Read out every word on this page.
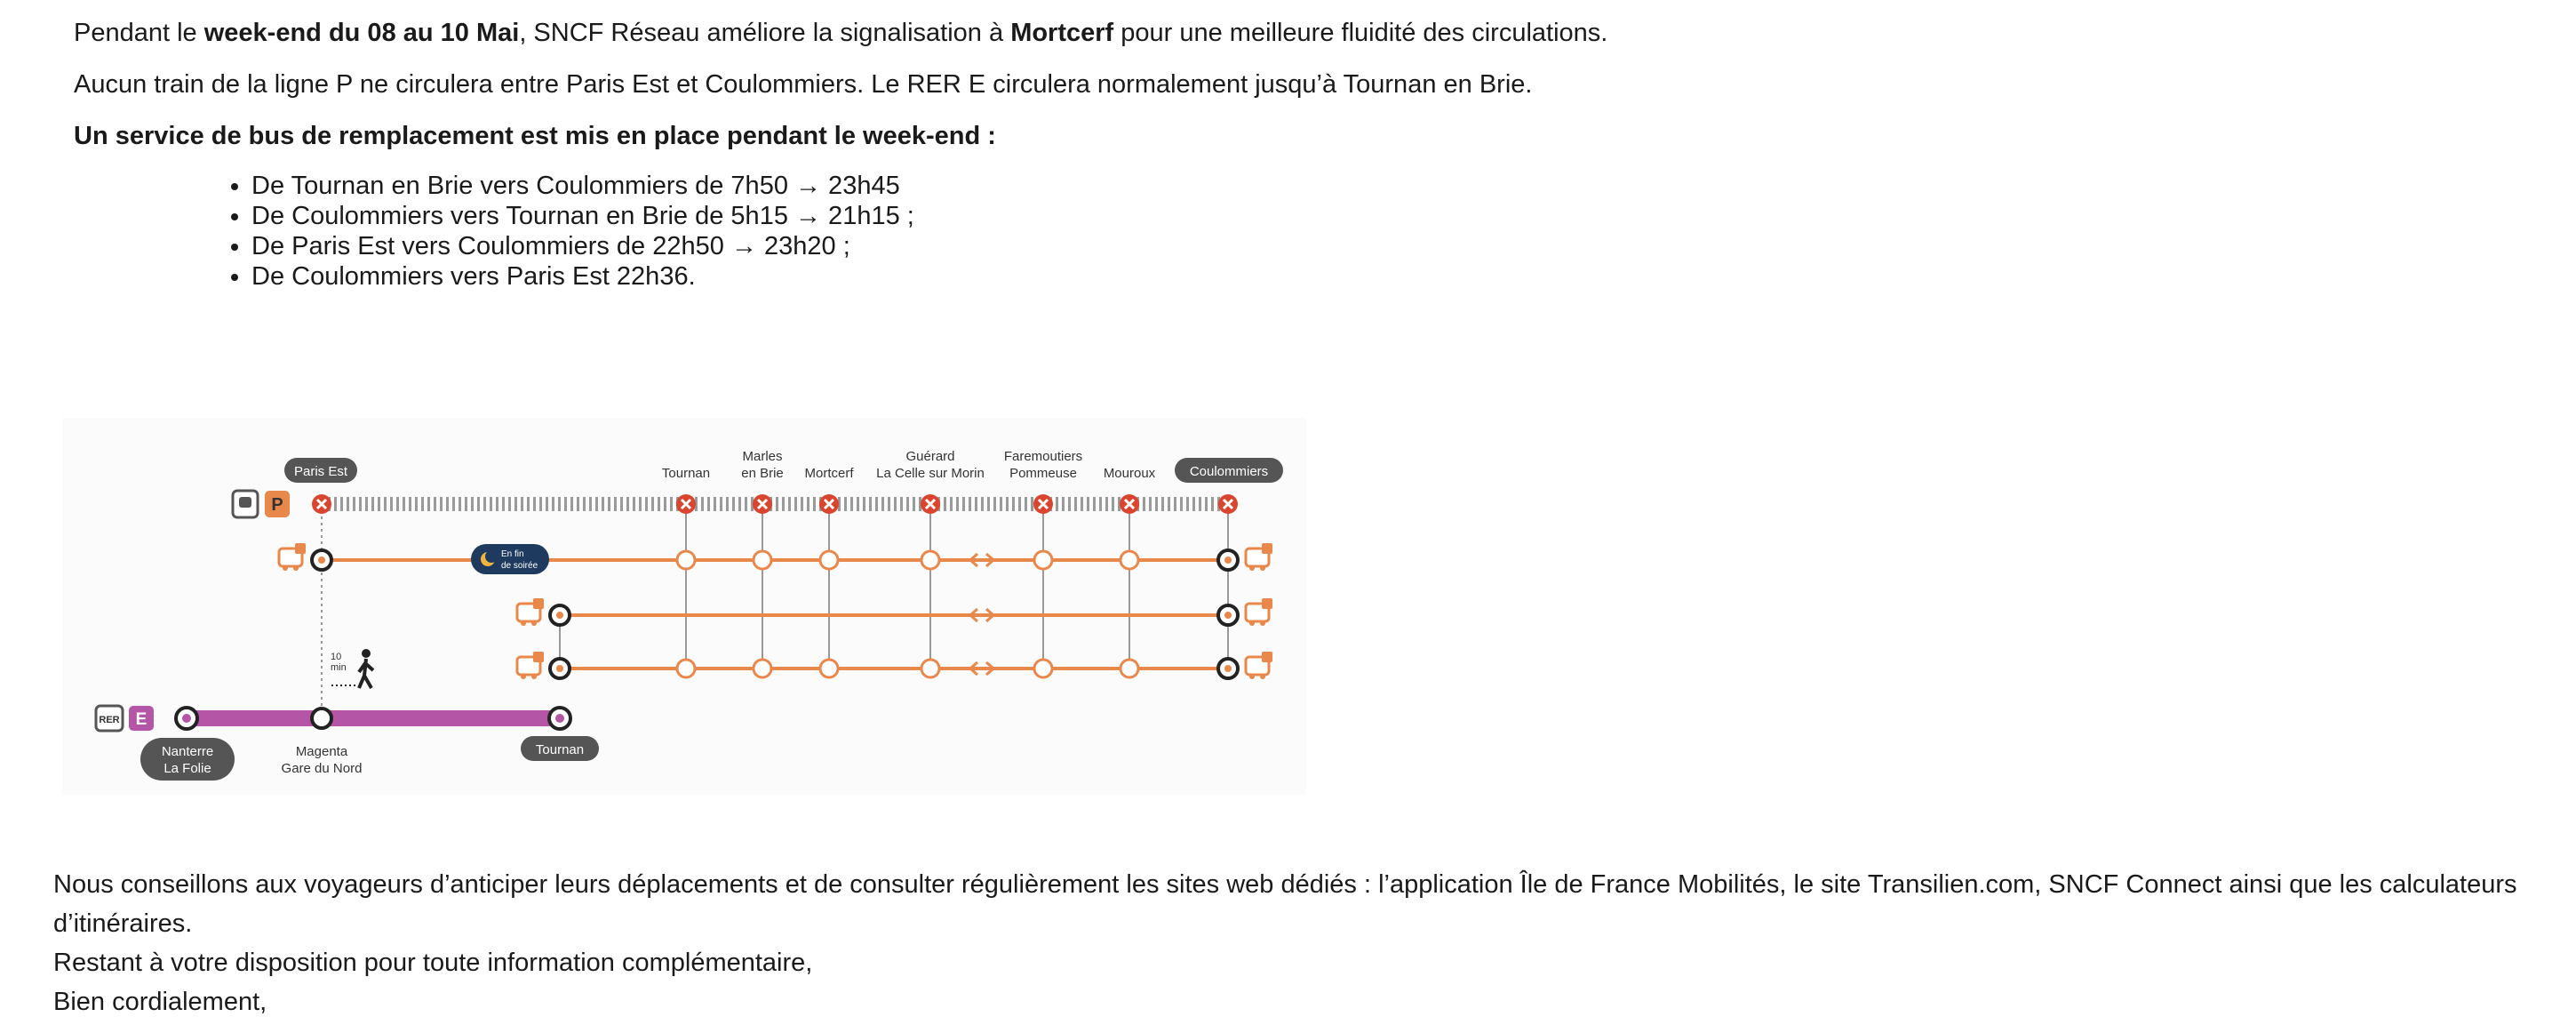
Pendant le week-end du 08 au 10 Mai, SNCF Réseau améliore la signalisation à Mortcerf pour une meilleure fluidité des circulations.

Aucun train de la ligne P ne circulera entre Paris Est et Coulommiers. Le RER E circulera normalement jusqu’à Tournan en Brie.

Un service de bus de remplacement est mis en place pendant le week-end :

• De Tournan en Brie vers Coulommiers de 7h50 → 23h45
• De Coulommiers vers Tournan en Brie de 5h15 → 21h15 ;
• De Paris Est vers Coulommiers de 22h50 → 23h20 ;
• De Coulommiers vers Paris Est 22h36.
Paris Est	Tournan
Marles
en Brie Mortcerf
Guérard
La Celle sur Morin
Faremoutiers
Pommeuse Mouroux	Coulommiers
P
En fin
de soirée
10
min
RER E
Nanterre
La Folie
Magenta
Gare du Nord
Tournan
Nous conseillons aux voyageurs d’anticiper leurs déplacements et de consulter régulièrement les sites web dédiés : l’application Île de France Mobilités, le site Transilien.com, SNCF Connect ainsi que les calculateurs d’itinéraires.
Restant à votre disposition pour toute information complémentaire,
Bien cordialement,
